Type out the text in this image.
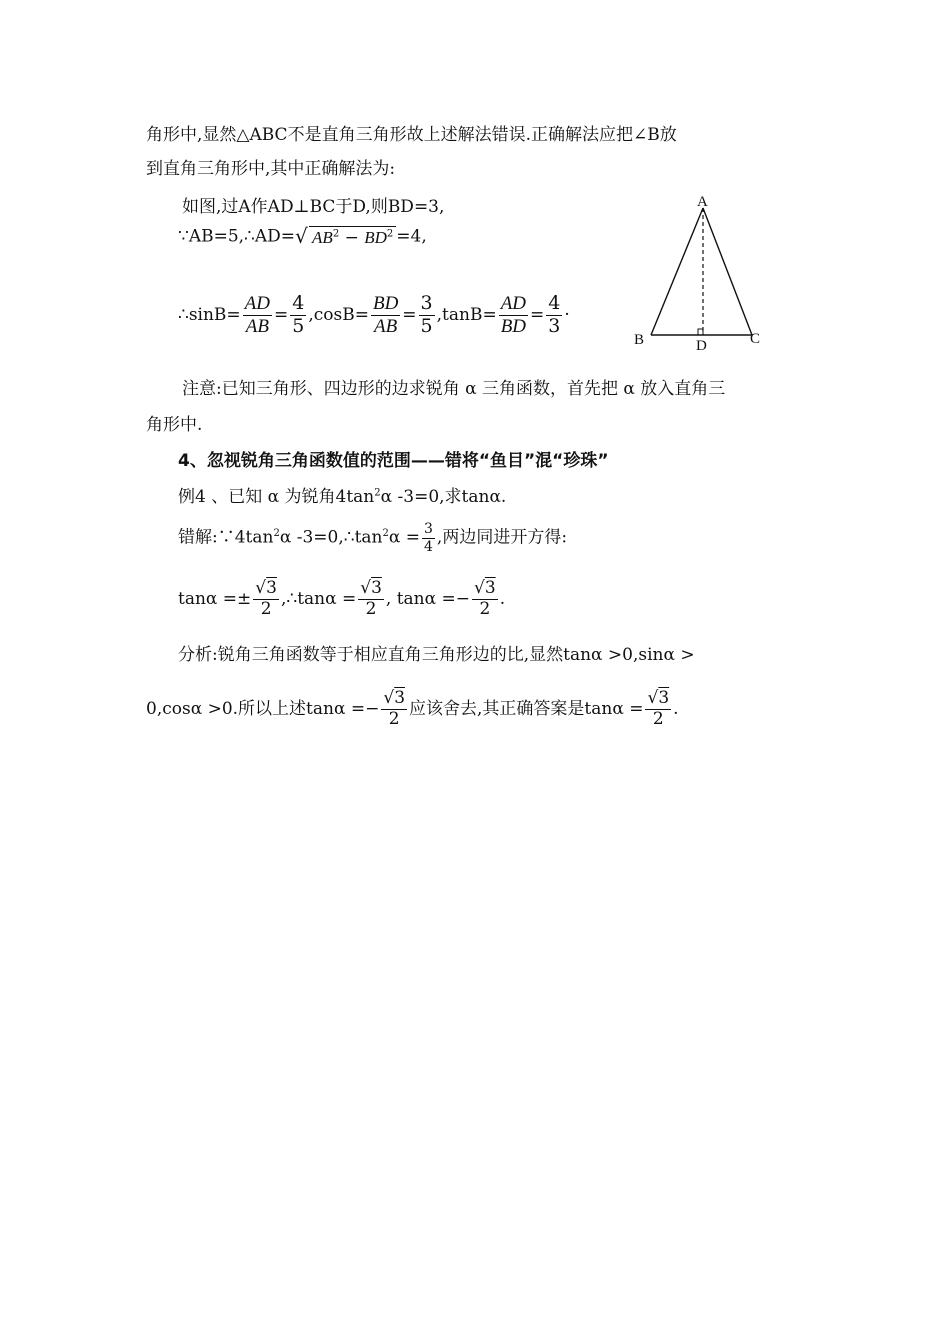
角形中,显然△ABC不是直角三角形故上述解法错误.正确解法应把∠B放
到直角三角形中,其中正确解法为:
如图,过A作AD⊥BC于D,则BD=3,
∵AB=5,∴AD= √ $AB^2 - BD^2 =4$,
∴sinB= $\frac{AD}{AB} = \frac{4}{5} ,\cos B= \frac{BD}{AB} = \frac{3}{5} ,\tan B= \frac{AD}{BD} = \frac{4}{3}$ ·
A
B	C
D
注意:已知三角形、四边形的边求锐角 α 三角函数，首先把 α 放入直角三
角形中.
4、忽视锐角三角函数值的范围——错将“鱼目”混“珍珠”
例4 、已知 α 为锐角$4\tan^2\alpha$ -3=0,求tanα.
错解$:\because 4\tan^2\alpha$ $-3=0,\therefore\tan^2\alpha = \frac{3}{4}$ ,两边同进开方得:
$\tan\alpha =\pm \frac{√3}{2}$ ,∴tanα = $\frac{√3}{2}$ , $\tan\alpha =- \frac{√3}{2}$ .
分析:锐角三角函数等于相应直角三角形边的比,显然tanα >0,sinα >
0,cosα >0.所以上述$\tan\alpha =- \frac{√3}{2}$ 应该舍去,其正确答案是$\tan\alpha = \frac{√3}{2}$ .
